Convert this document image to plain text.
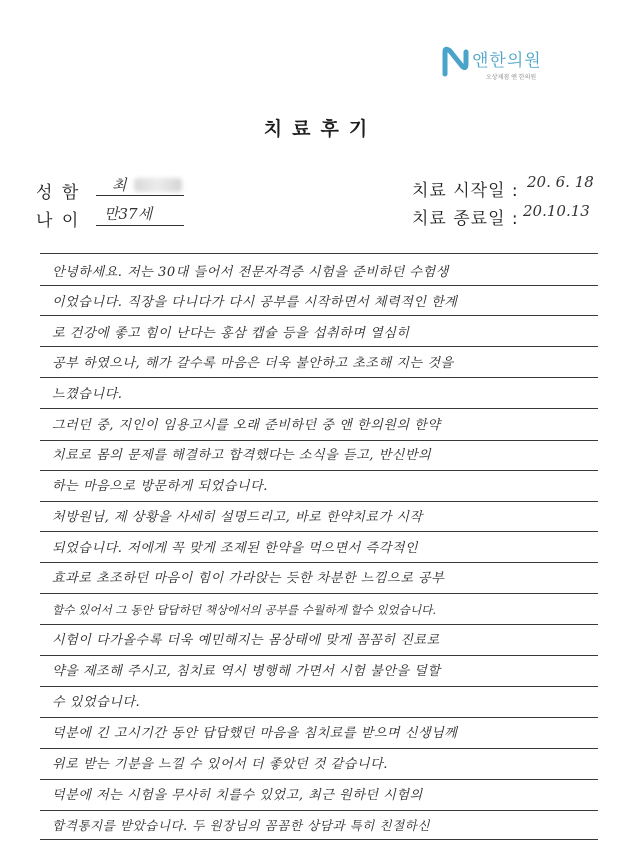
앤한의원
오상제점 앤 한의원
치료후기
성 함 최
나 이 만37세
치료 시작일 : 20. 6. 18
치료 종료일 : 20.10.13
안녕하세요. 저는 30대 들어서 전문자격증 시험을 준비하던 수험생
이었습니다. 직장을 다니다가 다시 공부를 시작하면서 체력적인 한계
로 건강에 좋고 힘이 난다는 홍삼 캡슐 등을 섭취하며 열심히
공부 하였으나, 해가 갈수록 마음은 더욱 불안하고 초조해 지는 것을
느꼈습니다.
그러던 중, 지인이 임용고시를 오래 준비하던 중 앤 한의원의 한약
치료로 몸의 문제를 해결하고 합격했다는 소식을 듣고, 반신반의
하는 마음으로 방문하게 되었습니다.
처방원님, 제 상황을 사세히 설명드리고, 바로 한약치료가 시작
되었습니다. 저에게 꼭 맞게 조제된 한약을 먹으면서 즉각적인
효과로 초조하던 마음이 힘이 가라앉는 듯한 차분한 느낌으로 공부
할수 있어서 그 동안 답답하던 책상에서의 공부를 수월하게 할수 있었습니다.
시험이 다가올수록 더욱 예민해지는 몸상태에 맞게 꼼꼼히 진료로
약을 제조해 주시고, 침치료 역시 병행해 가면서 시험 불안을 덜할
수 있었습니다.
덕분에 긴 고시기간 동안 답답했던 마음을 침치료를 받으며 신생님께
위로 받는 기분을 느낄 수 있어서 더 좋았던 것 같습니다.
덕분에 저는 시험을 무사히 치를수 있었고, 최근 원하던 시험의
합격통지를 받았습니다. 두 원장님의 꼼꼼한 상담과 특히 친절하신
